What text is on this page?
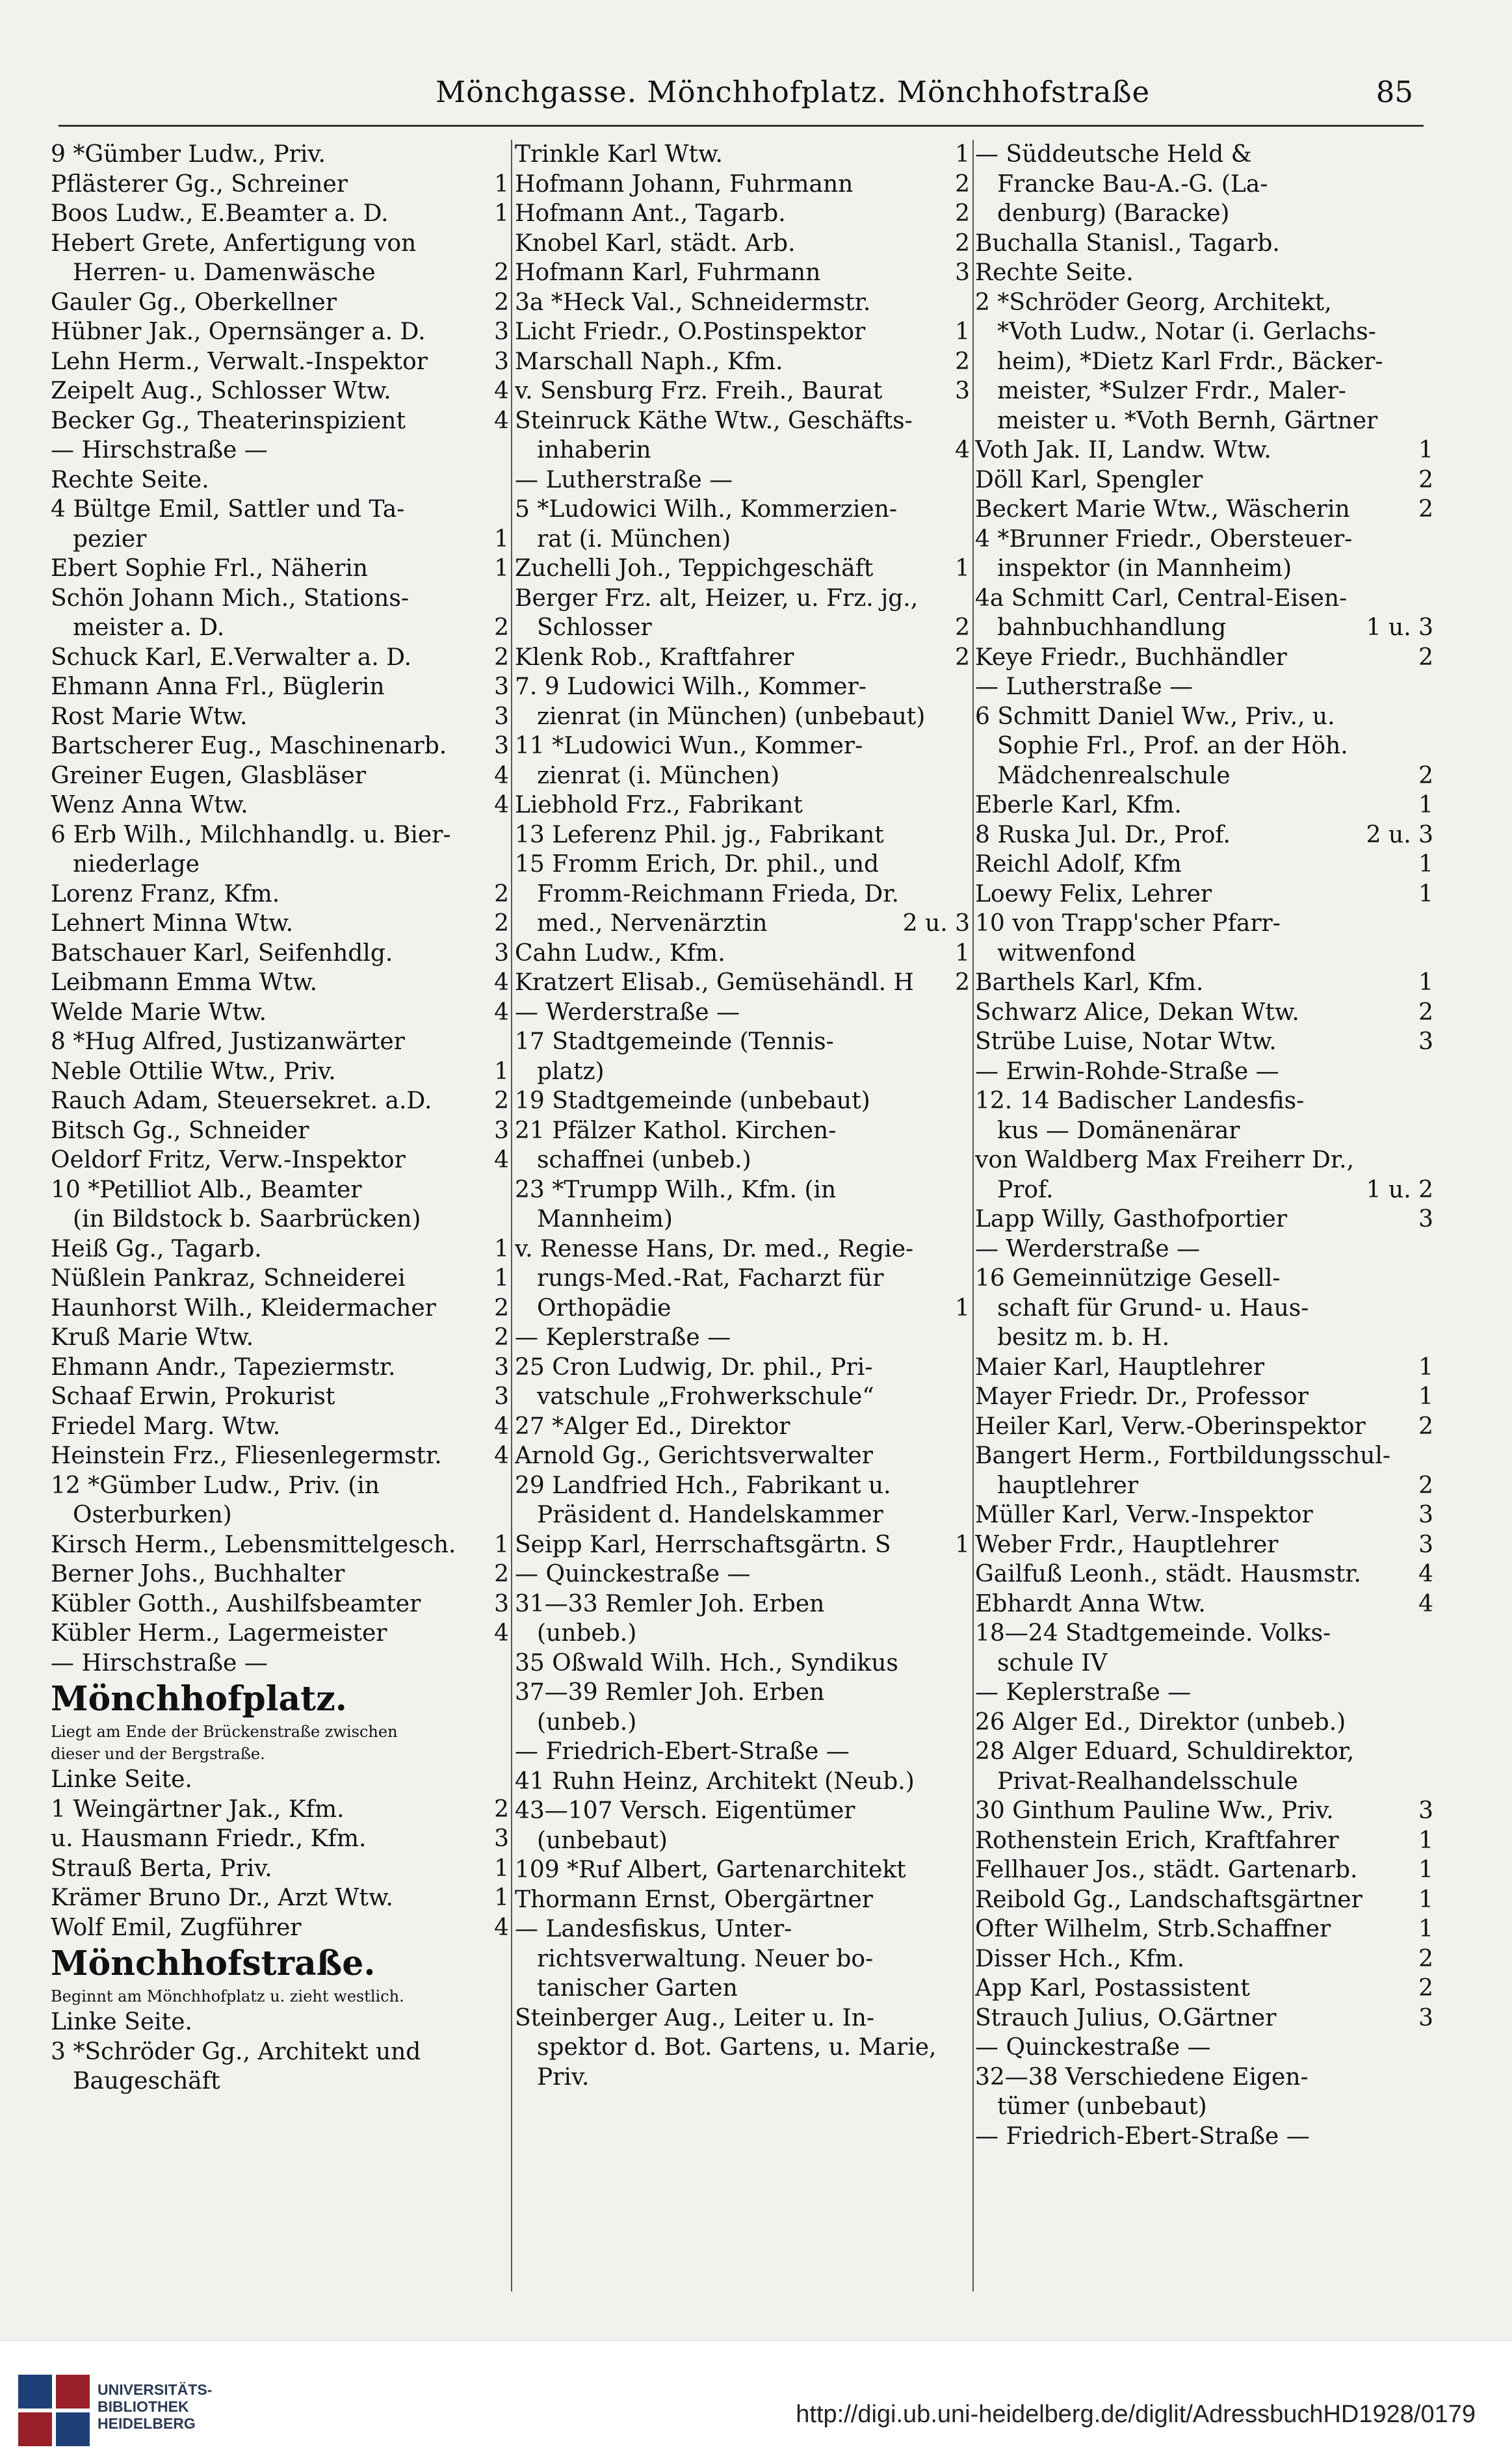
Mönchgasse. Mönchhofplatz. Mönchhofstraße	85
9 *Gümber Ludw., Priv.
Pflästerer Gg., Schreiner	1
Boos Ludw., E.Beamter a. D.	1
Hebert Grete, Anfertigung von
Herren- u. Damenwäsche	2
Gauler Gg., Oberkellner	2
Hübner Jak., Opernsänger a. D.	3
Lehn Herm., Verwalt.-Inspektor	3
Zeipelt Aug., Schlosser Wtw.	4
Becker Gg., Theaterinspizient	4
— Hirschstraße —
Rechte Seite.
4 Bültge Emil, Sattler und Ta-
pezier	1
Ebert Sophie Frl., Näherin	1
Schön Johann Mich., Stations-
meister a. D.	2
Schuck Karl, E.Verwalter a. D.	2
Ehmann Anna Frl., Büglerin	3
Rost Marie Wtw.	3
Bartscherer Eug., Maschinenarb.	3
Greiner Eugen, Glasbläser	4
Wenz Anna Wtw.	4
6 Erb Wilh., Milchhandlg. u. Bier-
niederlage
Lorenz Franz, Kfm.	2
Lehnert Minna Wtw.	2
Batschauer Karl, Seifenhdlg.	3
Leibmann Emma Wtw.	4
Welde Marie Wtw.	4
8 *Hug Alfred, Justizanwärter
Neble Ottilie Wtw., Priv.	1
Rauch Adam, Steuersekret. a.D.	2
Bitsch Gg., Schneider	3
Oeldorf Fritz, Verw.-Inspektor	4
10 *Petilliot Alb., Beamter
(in Bildstock b. Saarbrücken)
Heiß Gg., Tagarb.	1
Nüßlein Pankraz, Schneiderei	1
Haunhorst Wilh., Kleidermacher	2
Kruß Marie Wtw.	2
Ehmann Andr., Tapeziermstr.	3
Schaaf Erwin, Prokurist	3
Friedel Marg. Wtw.	4
Heinstein Frz., Fliesenlegermstr.	4
12 *Gümber Ludw., Priv. (in
Osterburken)
Kirsch Herm., Lebensmittelgesch.	1
Berner Johs., Buchhalter	2
Kübler Gotth., Aushilfsbeamter	3
Kübler Herm., Lagermeister	4
— Hirschstraße —
Mönchhofplatz.
Liegt am Ende der Brückenstraße zwischen
dieser und der Bergstraße.
Linke Seite.
1 Weingärtner Jak., Kfm.	2
u. Hausmann Friedr., Kfm.	3
Strauß Berta, Priv.	1
Krämer Bruno Dr., Arzt Wtw.	1
Wolf Emil, Zugführer	4
Mönchhofstraße.
Beginnt am Mönchhofplatz u. zieht westlich.
Linke Seite.
3 *Schröder Gg., Architekt und
Baugeschäft
Trinkle Karl Wtw.	1
Hofmann Johann, Fuhrmann	2
Hofmann Ant., Tagarb.	2
Knobel Karl, städt. Arb.	2
Hofmann Karl, Fuhrmann	3
3a *Heck Val., Schneidermstr.
Licht Friedr., O.Postinspektor	1
Marschall Naph., Kfm.	2
v. Sensburg Frz. Freih., Baurat	3
Steinruck Käthe Wtw., Geschäfts-
inhaberin	4
— Lutherstraße —
5 *Ludowici Wilh., Kommerzien-
rat (i. München)
Zuchelli Joh., Teppichgeschäft	1
Berger Frz. alt, Heizer, u. Frz. jg.,
Schlosser	2
Klenk Rob., Kraftfahrer	2
7. 9 Ludowici Wilh., Kommer-
zienrat (in München) (unbebaut)
11 *Ludowici Wun., Kommer-
zienrat (i. München)
Liebhold Frz., Fabrikant
13 Leferenz Phil. jg., Fabrikant
15 Fromm Erich, Dr. phil., und
Fromm-Reichmann Frieda, Dr.
med., Nervenärztin	2 u. 3
Cahn Ludw., Kfm.	1
Kratzert Elisab., Gemüsehändl. H	2
— Werderstraße —
17 Stadtgemeinde (Tennis-
platz)
19 Stadtgemeinde (unbebaut)
21 Pfälzer Kathol. Kirchen-
schaffnei (unbeb.)
23 *Trumpp Wilh., Kfm. (in
Mannheim)
v. Renesse Hans, Dr. med., Regie-
rungs-Med.-Rat, Facharzt für
Orthopädie	1
— Keplerstraße —
25 Cron Ludwig, Dr. phil., Pri-
vatschule „Frohwerkschule“
27 *Alger Ed., Direktor
Arnold Gg., Gerichtsverwalter
29 Landfried Hch., Fabrikant u.
Präsident d. Handelskammer
Seipp Karl, Herrschaftsgärtn. S	1
— Quinckestraße —
31—33 Remler Joh. Erben
(unbeb.)
35 Oßwald Wilh. Hch., Syndikus
37—39 Remler Joh. Erben
(unbeb.)
— Friedrich-Ebert-Straße —
41 Ruhn Heinz, Architekt (Neub.)
43—107 Versch. Eigentümer
(unbebaut)
109 *Ruf Albert, Gartenarchitekt
Thormann Ernst, Obergärtner
— Landesfiskus, Unter-
richtsverwaltung. Neuer bo-
tanischer Garten
Steinberger Aug., Leiter u. In-
spektor d. Bot. Gartens, u. Marie,
Priv.
— Süddeutsche Held &
Francke Bau-A.-G. (La-
denburg) (Baracke)
Buchalla Stanisl., Tagarb.
Rechte Seite.
2 *Schröder Georg, Architekt,
*Voth Ludw., Notar (i. Gerlachs-
heim), *Dietz Karl Frdr., Bäcker-
meister, *Sulzer Frdr., Maler-
meister u. *Voth Bernh, Gärtner
Voth Jak. II, Landw. Wtw.	1
Döll Karl, Spengler	2
Beckert Marie Wtw., Wäscherin	2
4 *Brunner Friedr., Obersteuer-
inspektor (in Mannheim)
4a Schmitt Carl, Central-Eisen-
bahnbuchhandlung	1 u. 3
Keye Friedr., Buchhändler	2
— Lutherstraße —
6 Schmitt Daniel Ww., Priv., u.
Sophie Frl., Prof. an der Höh.
Mädchenrealschule	2
Eberle Karl, Kfm.	1
8 Ruska Jul. Dr., Prof.	2 u. 3
Reichl Adolf, Kfm	1
Loewy Felix, Lehrer	1
10 von Trapp'scher Pfarr-
witwenfond
Barthels Karl, Kfm.	1
Schwarz Alice, Dekan Wtw.	2
Strübe Luise, Notar Wtw.	3
— Erwin-Rohde-Straße —
12. 14 Badischer Landesfis-
kus — Domänenärar
von Waldberg Max Freiherr Dr.,
Prof.	1 u. 2
Lapp Willy, Gasthofportier	3
— Werderstraße —
16 Gemeinnützige Gesell-
schaft für Grund- u. Haus-
besitz m. b. H.
Maier Karl, Hauptlehrer	1
Mayer Friedr. Dr., Professor	1
Heiler Karl, Verw.-Oberinspektor	2
Bangert Herm., Fortbildungsschul-
hauptlehrer	2
Müller Karl, Verw.-Inspektor	3
Weber Frdr., Hauptlehrer	3
Gailfuß Leonh., städt. Hausmstr.	4
Ebhardt Anna Wtw.	4
18—24 Stadtgemeinde. Volks-
schule IV
— Keplerstraße —
26 Alger Ed., Direktor (unbeb.)
28 Alger Eduard, Schuldirektor,
Privat-Realhandelsschule
30 Ginthum Pauline Ww., Priv.	3
Rothenstein Erich, Kraftfahrer	1
Fellhauer Jos., städt. Gartenarb.	1
Reibold Gg., Landschaftsgärtner	1
Ofter Wilhelm, Strb.Schaffner	1
Disser Hch., Kfm.	2
App Karl, Postassistent	2
Strauch Julius, O.Gärtner	3
— Quinckestraße —
32—38 Verschiedene Eigen-
tümer (unbebaut)
— Friedrich-Ebert-Straße —
UNIVERSITÄTS- BIBLIOTHEK HEIDELBERG	http://digi.ub.uni-heidelberg.de/diglit/AdressbuchHD1928/0179
